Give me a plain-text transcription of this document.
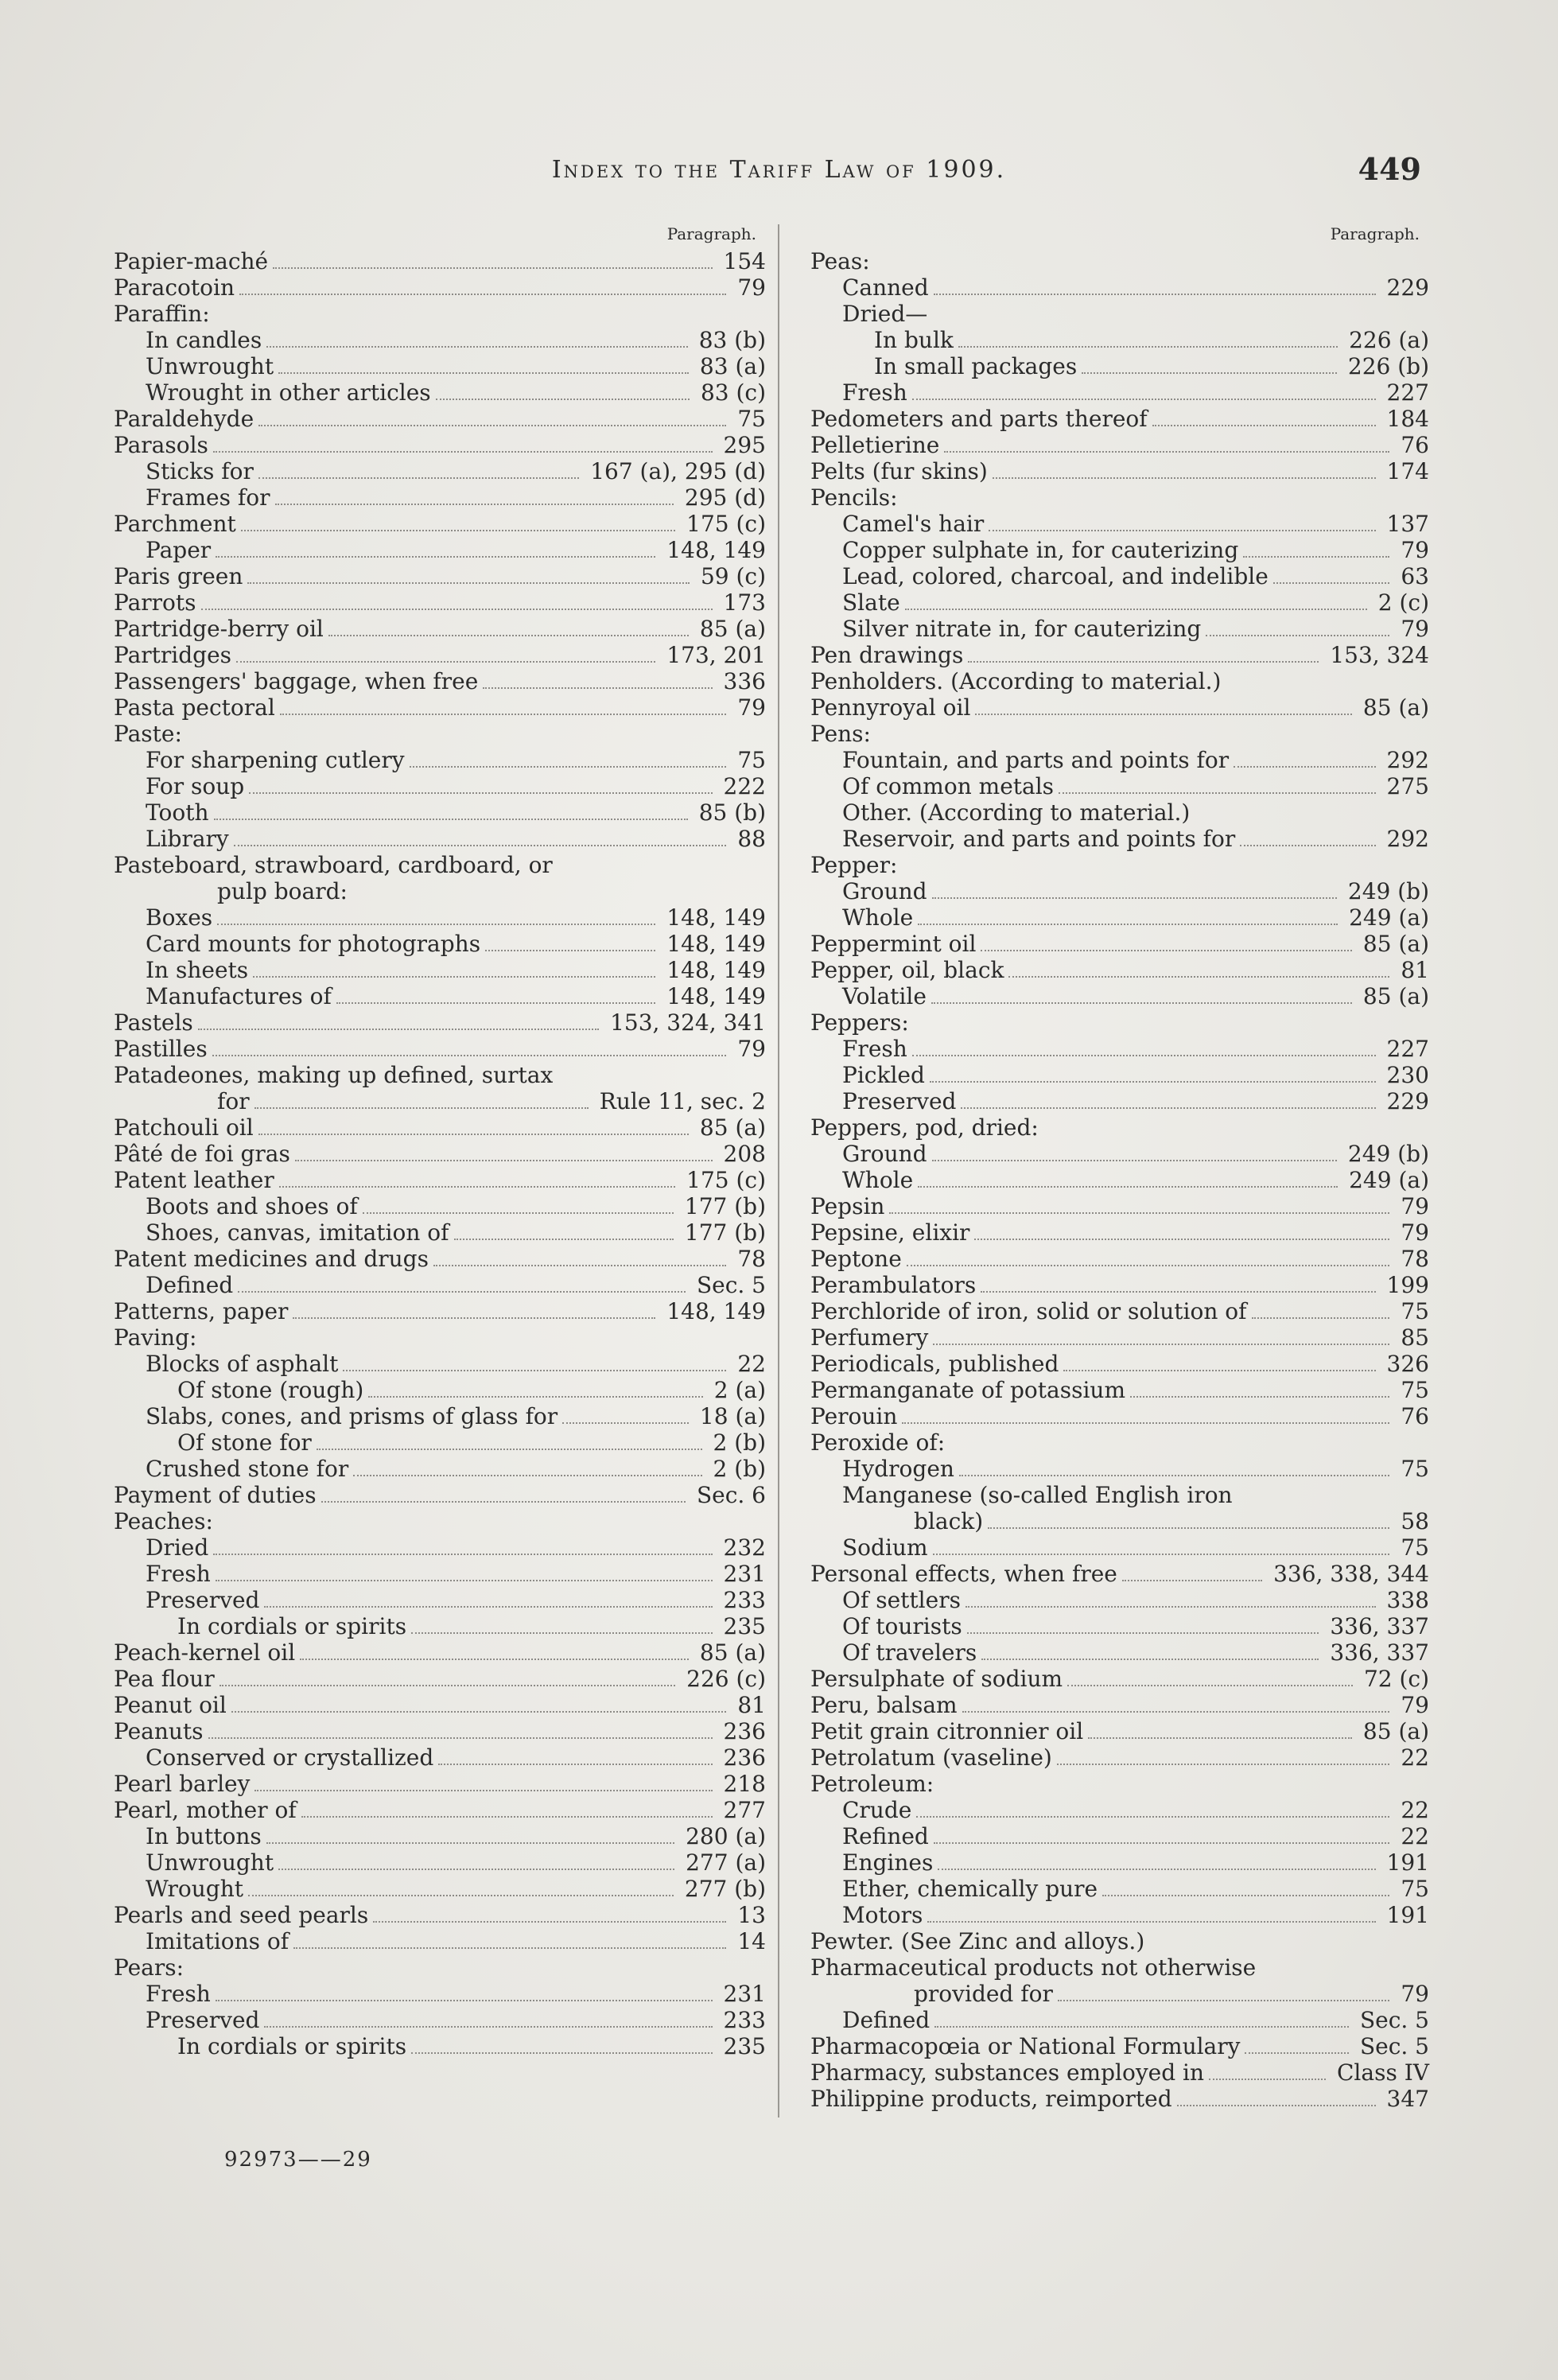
Index to the Tariff Law of 1909.	449
Paragraph.
Papier-maché	154
Paracotoin	79
Paraffin:
In candles	83 (b)
Unwrought	83 (a)
Wrought in other articles	83 (c)
Paraldehyde	75
Parasols	295
Sticks for	167 (a), 295 (d)
Frames for	295 (d)
Parchment	175 (c)
Paper	148, 149
Paris green	59 (c)
Parrots	173
Partridge-berry oil	85 (a)
Partridges	173, 201
Passengers' baggage, when free	336
Pasta pectoral	79
Paste:
For sharpening cutlery	75
For soup	222
Tooth	85 (b)
Library	88
Pasteboard, strawboard, cardboard, or
pulp board:
Boxes	148, 149
Card mounts for photographs	148, 149
In sheets	148, 149
Manufactures of	148, 149
Pastels	153, 324, 341
Pastilles	79
Patadeones, making up defined, surtax
for	Rule 11, sec. 2
Patchouli oil	85 (a)
Pâté de foi gras	208
Patent leather	175 (c)
Boots and shoes of	177 (b)
Shoes, canvas, imitation of	177 (b)
Patent medicines and drugs	78
Defined	Sec. 5
Patterns, paper	148, 149
Paving:
Blocks of asphalt	22
Of stone (rough)	2 (a)
Slabs, cones, and prisms of glass for	18 (a)
Of stone for	2 (b)
Crushed stone for	2 (b)
Payment of duties	Sec. 6
Peaches:
Dried	232
Fresh	231
Preserved	233
In cordials or spirits	235
Peach-kernel oil	85 (a)
Pea flour	226 (c)
Peanut oil	81
Peanuts	236
Conserved or crystallized	236
Pearl barley	218
Pearl, mother of	277
In buttons	280 (a)
Unwrought	277 (a)
Wrought	277 (b)
Pearls and seed pearls	13
Imitations of	14
Pears:
Fresh	231
Preserved	233
In cordials or spirits	235
Paragraph.
Peas:
Canned	229
Dried—
In bulk	226 (a)
In small packages	226 (b)
Fresh	227
Pedometers and parts thereof	184
Pelletierine	76
Pelts (fur skins)	174
Pencils:
Camel's hair	137
Copper sulphate in, for cauterizing	79
Lead, colored, charcoal, and indelible	63
Slate	2 (c)
Silver nitrate in, for cauterizing	79
Pen drawings	153, 324
Penholders. (According to material.)
Pennyroyal oil	85 (a)
Pens:
Fountain, and parts and points for	292
Of common metals	275
Other. (According to material.)
Reservoir, and parts and points for	292
Pepper:
Ground	249 (b)
Whole	249 (a)
Peppermint oil	85 (a)
Pepper, oil, black	81
Volatile	85 (a)
Peppers:
Fresh	227
Pickled	230
Preserved	229
Peppers, pod, dried:
Ground	249 (b)
Whole	249 (a)
Pepsin	79
Pepsine, elixir	79
Peptone	78
Perambulators	199
Perchloride of iron, solid or solution of	75
Perfumery	85
Periodicals, published	326
Permanganate of potassium	75
Perouin	76
Peroxide of:
Hydrogen	75
Manganese (so-called English iron
black)	58
Sodium	75
Personal effects, when free	336, 338, 344
Of settlers	338
Of tourists	336, 337
Of travelers	336, 337
Persulphate of sodium	72 (c)
Peru, balsam	79
Petit grain citronnier oil	85 (a)
Petrolatum (vaseline)	22
Petroleum:
Crude	22
Refined	22
Engines	191
Ether, chemically pure	75
Motors	191
Pewter. (See Zinc and alloys.)
Pharmaceutical products not otherwise
provided for	79
Defined	Sec. 5
Pharmacopœia or National Formulary	Sec. 5
Pharmacy, substances employed in	Class IV
Philippine products, reimported	347
92973——29
